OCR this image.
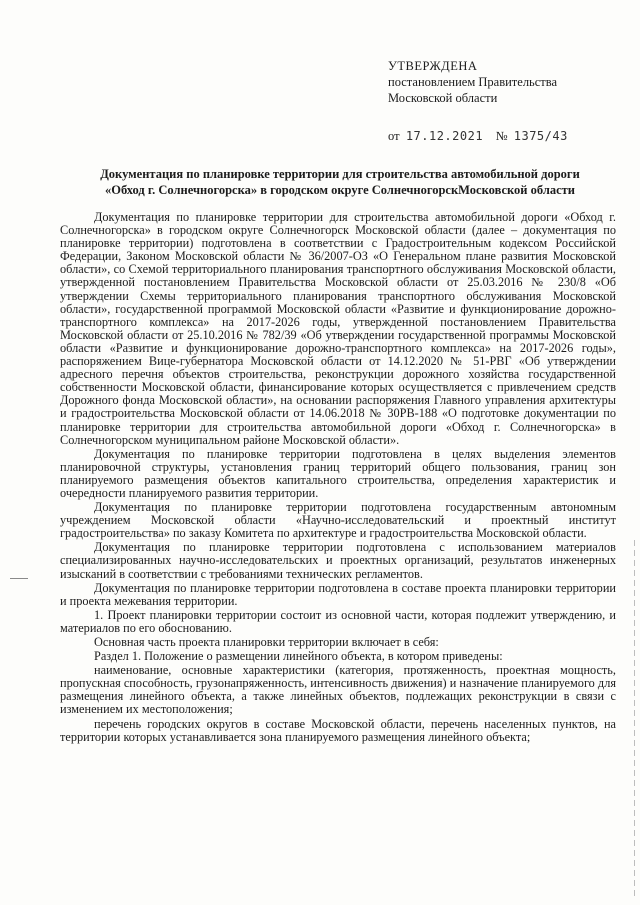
УТВЕРЖДЕНА
постановлением Правительства
Московской области
от 17.12.2021 № 1375/43
Документация по планировке территории для строительства автомобильной дороги
«Обход г. Солнечногорска» в городском округе СолнечногорскМосковской области

Документация по планировке территории для строительства автомобильной дороги «Обход г. Солнечногорска» в городском округе Солнечногорск Московской области (далее – документация по планировке территории) подготовлена в соответствии с Градостроительным кодексом Российской Федерации, Законом Московской области № 36/2007-ОЗ «О Генеральном плане развития Московской области», со Схемой территориального планирования транспортного обслуживания Московской области, утвержденной постановлением Правительства Московской области от 25.03.2016 № 230/8 «Об утверждении Схемы территориального планирования транспортного обслуживания Московской области», государственной программой Московской области «Развитие и функционирование дорожно-транспортного комплекса» на 2017-2026 годы, утвержденной постановлением Правительства Московской области от 25.10.2016 № 782/39 «Об утверждении государственной программы Московской области «Развитие и функционирование дорожно-транспортного комплекса» на 2017-2026 годы», распоряжением Вице-губернатора Московской области от 14.12.2020 № 51-РВГ «Об утверждении адресного перечня объектов строительства, реконструкции дорожного хозяйства государственной собственности Московской области, финансирование которых осуществляется с привлечением средств Дорожного фонда Московской области», на основании распоряжения Главного управления архитектуры и градостроительства Московской области от 14.06.2018 № 30РВ-188 «О подготовке документации по планировке территории для строительства автомобильной дороги «Обход г. Солнечногорска» в Солнечногорском муниципальном районе Московской области».

Документация по планировке территории подготовлена в целях выделения элементов планировочной структуры, установления границ территорий общего пользования, границ зон планируемого размещения объектов капитального строительства, определения характеристик и очередности планируемого развития территории.

Документация по планировке территории подготовлена государственным автономным учреждением Московской области «Научно-исследовательский и проектный институт градостроительства» по заказу Комитета по архитектуре и градостроительства Московской области.

Документация по планировке территории подготовлена с использованием материалов специализированных научно-исследовательских и проектных организаций, результатов инженерных изысканий в соответствии с требованиями технических регламентов.

Документация по планировке территории подготовлена в составе проекта планировки территории и проекта межевания территории.

1. Проект планировки территории состоит из основной части, которая подлежит утверждению, и материалов по его обоснованию.

Основная часть проекта планировки территории включает в себя:

Раздел 1. Положение о размещении линейного объекта, в котором приведены:

наименование, основные характеристики (категория, протяженность, проектная мощность, пропускная способность, грузонапряженность, интенсивность движения) и назначение планируемого для размещения линейного объекта, а также линейных объектов, подлежащих реконструкции в связи с изменением их местоположения;

перечень городских округов в составе Московской области, перечень населенных пунктов, на территории которых устанавливается зона планируемого размещения линейного объекта;
